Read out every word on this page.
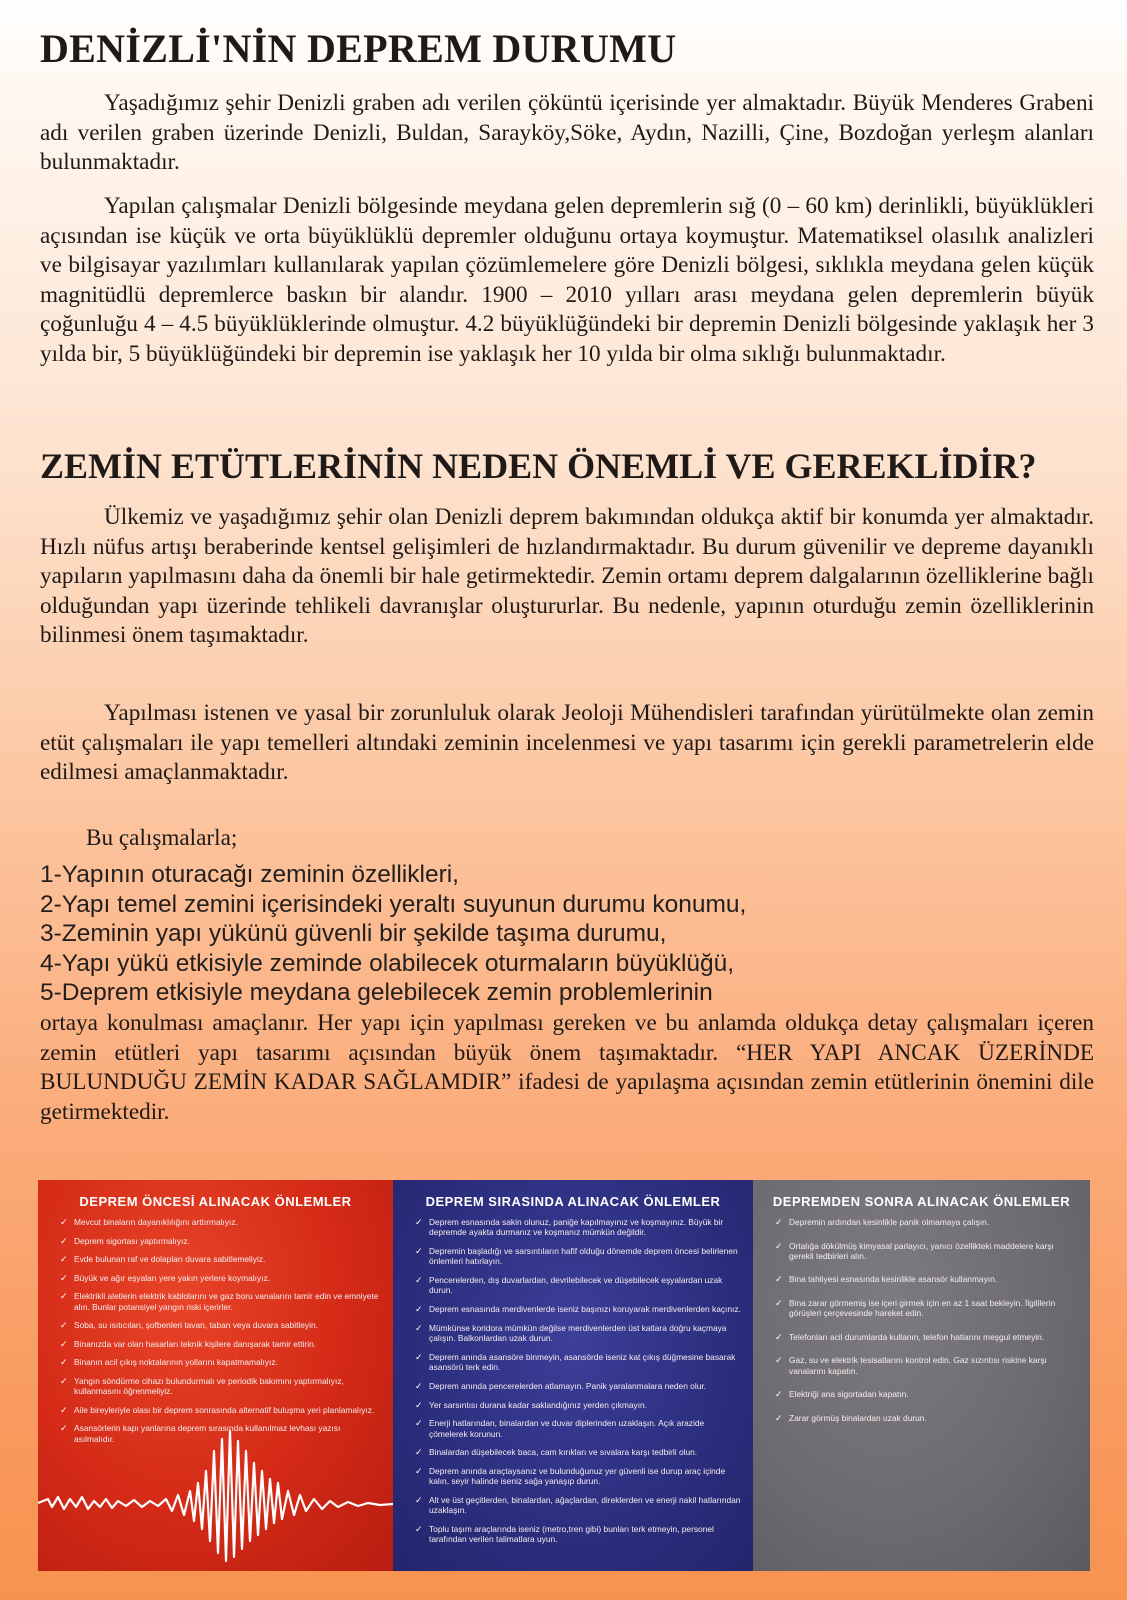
DENİZLİ'NİN DEPREM DURUMU

Yaşadığımız şehir Denizli graben adı verilen çöküntü içerisinde yer almaktadır. Büyük Menderes Grabeni adı verilen graben üzerinde Denizli, Buldan, Sarayköy,Söke, Aydın, Nazilli, Çine, Bozdoğan yerleşm alanları bulunmaktadır.

Yapılan çalışmalar Denizli bölgesinde meydana gelen depremlerin sığ (0 – 60 km) derinlikli, büyüklükleri açısından ise küçük ve orta büyüklüklü depremler olduğunu ortaya koymuştur. Matematiksel olasılık analizleri ve bilgisayar yazılımları kullanılarak yapılan çözümlemelere göre Denizli bölgesi, sıklıkla meydana gelen küçük magnitüdlü depremlerce baskın bir alandır. 1900 – 2010 yılları arası meydana gelen depremlerin büyük çoğunluğu 4 – 4.5 büyüklüklerinde olmuştur. 4.2 büyüklüğündeki bir depremin Denizli bölgesinde yaklaşık her 3 yılda bir, 5 büyüklüğündeki bir depremin ise yaklaşık her 10 yılda bir olma sıklığı bulunmaktadır.

ZEMİN ETÜTLERİNİN NEDEN ÖNEMLİ VE GEREKLİDİR?

Ülkemiz ve yaşadığımız şehir olan Denizli deprem bakımından oldukça aktif bir konumda yer almaktadır. Hızlı nüfus artışı beraberinde kentsel gelişimleri de hızlandırmaktadır. Bu durum güvenilir ve depreme dayanıklı yapıların yapılmasını daha da önemli bir hale getirmektedir. Zemin ortamı deprem dalgalarının özelliklerine bağlı olduğundan yapı üzerinde tehlikeli davranışlar oluştururlar. Bu nedenle, yapının oturduğu zemin özelliklerinin bilinmesi önem taşımaktadır.

Yapılması istenen ve yasal bir zorunluluk olarak Jeoloji Mühendisleri tarafından yürütülmekte olan zemin etüt çalışmaları ile yapı temelleri altındaki zeminin incelenmesi ve yapı tasarımı için gerekli parametrelerin elde edilmesi amaçlanmaktadır.

Bu çalışmalarla;

1-Yapının oturacağı zeminin özellikleri,
2-Yapı temel zemini içerisindeki yeraltı suyunun durumu konumu,
3-Zeminin yapı yükünü güvenli bir şekilde taşıma durumu,
4-Yapı yükü etkisiyle zeminde olabilecek oturmaların büyüklüğü,
5-Deprem etkisiyle meydana gelebilecek zemin problemlerinin

ortaya konulması amaçlanır. Her yapı için yapılması gereken ve bu anlamda oldukça detay çalışmaları içeren zemin etütleri yapı tasarımı açısından büyük önem taşımaktadır. “HER YAPI ANCAK ÜZERİNDE BULUNDUĞU ZEMİN KADAR SAĞLAMDIR” ifadesi de yapılaşma açısından zemin etütlerinin önemini dile getirmektedir.

DEPREM ÖNCESİ ALINACAK ÖNLEMLER
✓ Mevcut binaların dayanıklılığını arttırmalıyız.
✓ Deprem sigortası yaptırmalıyız.
✓ Evde bulunan raf ve dolapları duvara sabitlemeliyiz.
✓ Büyük ve ağır eşyaları yere yakın yerlere koymalıyız.
✓ Elektrikli aletlerin elektrik kablolarını ve gaz boru vanalarını tamir edin ve emniyete alın. Bunlar potansiyel yangın riski içerirler.
✓ Soba, su ısıtıcıları, şofbenleri tavan, taban veya duvara sabitleyin.
✓ Binanızda var olan hasarları teknik kişilere danışarak tamir ettirin.
✓ Binanın acil çıkış noktalarının yollarını kapatmamalıyız.
✓ Yangın söndürme cihazı bulundurmalı ve periodik bakımını yaptırmalıyız, kullanmasını öğrenmeliyiz.
✓ Aile bireyleriyle olası bir deprem sonrasında alternatif buluşma yeri planlamalıyız.
✓ Asansörlerin kapı yanlarına deprem sırasında kullanılmaz levhası yazısı asılmalıdır.
DEPREM SIRASINDA ALINACAK ÖNLEMLER
✓ Deprem esnasında sakin olunuz, paniğe kapılmayınız ve koşmayınız. Büyük bir depremde ayakta durmanız ve koşmanız mümkün değildir.
✓ Depremin başladığı ve sarsıntıların hafif olduğu dönemde deprem öncesi belirlenen önlemleri hatırlayın.
✓ Pencerelerden, dış duvarlardan, devrilebilecek ve düşebilecek eşyalardan uzak durun.
✓ Deprem esnasında merdivenlerde iseniz başınızı koruyarak merdivenlerden kaçınız.
✓ Mümkünse koridora mümkün değilse merdivenlerden üst katlara doğru kaçmaya çalışın. Balkonlardan uzak durun.
✓ Deprem anında asansöre binmeyin, asansörde iseniz kat çıkış düğmesine basarak asansörü terk edin.
✓ Deprem anında pencerelerden atlamayın. Panik yaralanmalara neden olur.
✓ Yer sarsıntısı durana kadar saklandığınız yerden çıkmayın.
✓ Enerji hatlarından, binalardan ve duvar diplerinden uzaklaşın. Açık arazide çömelerek korunun.
✓ Binalardan düşebilecek baca, cam kırıkları ve sıvalara karşı tedbirli olun.
✓ Deprem anında araçtaysanız ve bulunduğunuz yer güvenli ise durup araç içinde kalın, seyir halinde iseniz sağa yanaşıp durun.
✓ Alt ve üst geçitlerden, binalardan, ağaçlardan, direklerden ve enerji nakil hatlarından uzaklaşın.
✓ Toplu taşım araçlarında iseniz (metro,tren gibi) bunları terk etmeyin, personel tarafından verilen talimatlara uyun.
DEPREMDEN SONRA ALINACAK ÖNLEMLER
✓ Depremin ardından kesinlikle panik olmamaya çalışın.
✓ Ortalığa dökülmüş kimyasal parlayıcı, yanıcı özellikteki maddelere karşı gerekli tedbirleri alın.
✓ Bina tahliyesi esnasında kesinlikle asansör kullanmayın.
✓ Bina zarar görmemiş ise içeri girmek için en az 1 saat bekleyin. İlgililerin görüşleri çerçevesinde hareket edin.
✓ Telefonları acil durumlarda kullanın, telefon hatlarını meşgul etmeyin.
✓ Gaz, su ve elektrik tesisatlarını kontrol edin. Gaz sızıntısı riskine karşı vanalarını kapatın.
✓ Elektriği ana sigortadan kapatın.
✓ Zarar görmüş binalardan uzak durun.
